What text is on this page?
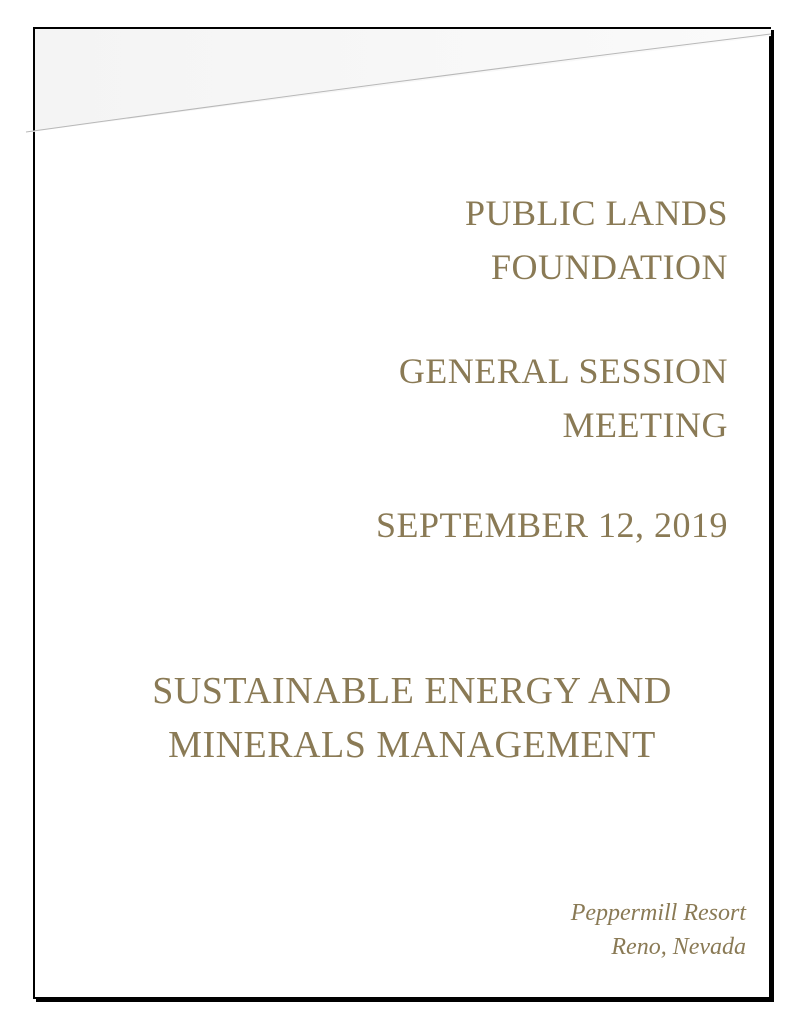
PUBLIC LANDS
FOUNDATION
GENERAL SESSION
MEETING
SEPTEMBER 12, 2019
SUSTAINABLE ENERGY AND
MINERALS MANAGEMENT
Peppermill Resort
Reno, Nevada
